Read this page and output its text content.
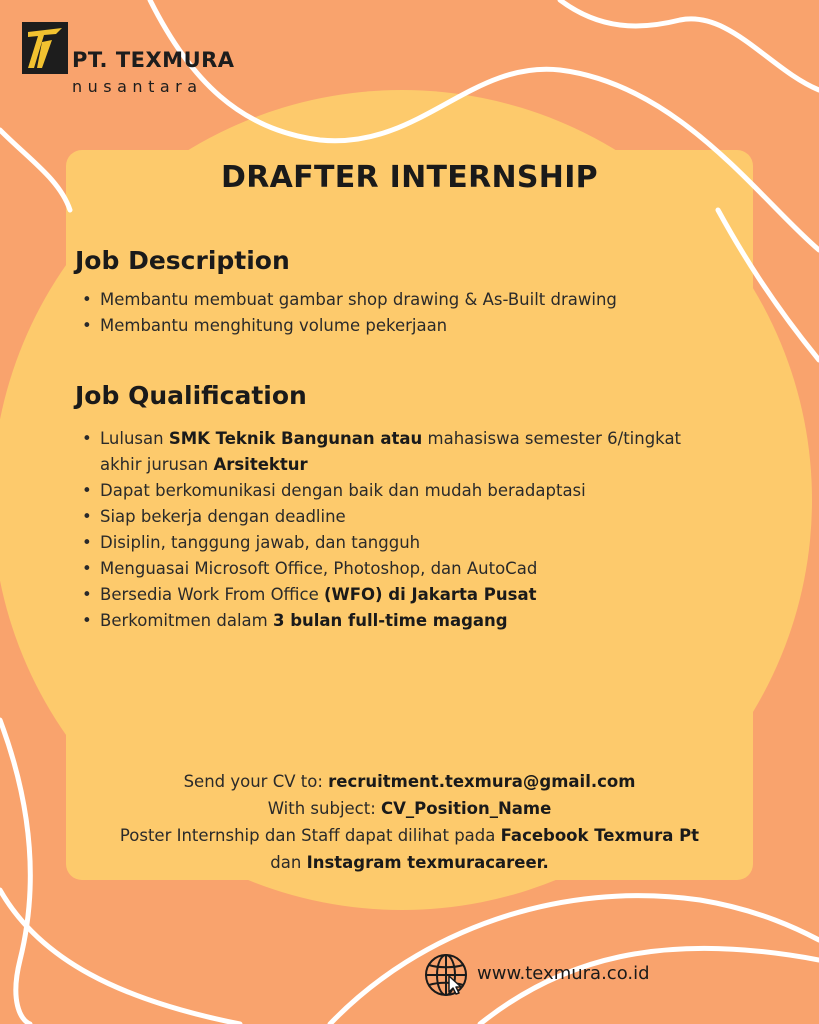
PT. TEXMURA
nusantara
DRAFTER INTERNSHIP
Job Description
• Membantu membuat gambar shop drawing & As-Built drawing
• Membantu menghitung volume pekerjaan
Job Qualification
• Lulusan SMK Teknik Bangunan atau mahasiswa semester 6/tingkat
akhir jurusan Arsitektur
• Dapat berkomunikasi dengan baik dan mudah beradaptasi
• Siap bekerja dengan deadline
• Disiplin, tanggung jawab, dan tangguh
• Menguasai Microsoft Office, Photoshop, dan AutoCad
• Bersedia Work From Office (WFO) di Jakarta Pusat
• Berkomitmen dalam 3 bulan full-time magang
Send your CV to: recruitment.texmura@gmail.com
With subject: CV_Position_Name
Poster Internship dan Staff dapat dilihat pada Facebook Texmura Pt
dan Instagram texmuracareer.
www.texmura.co.id
